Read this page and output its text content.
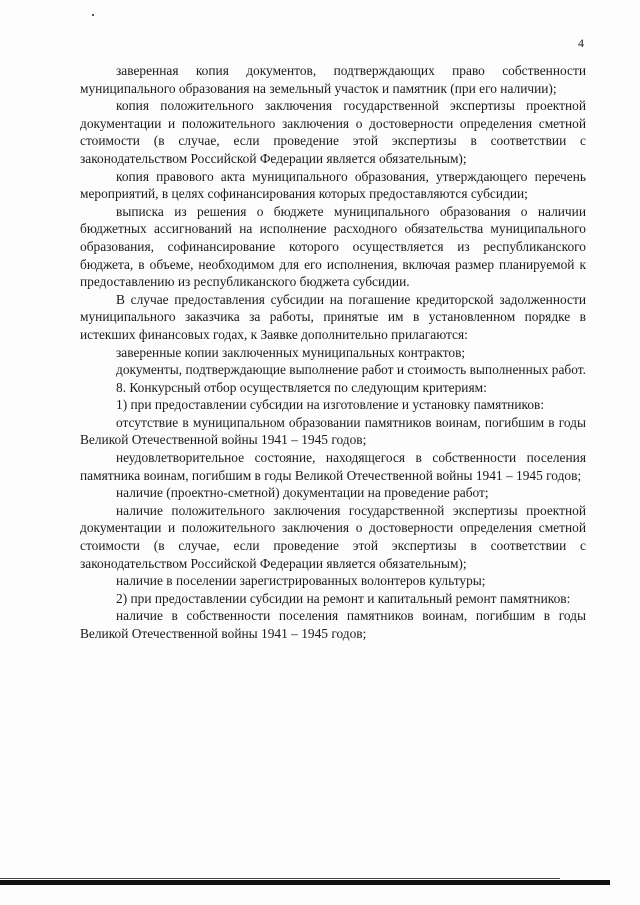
4

заверенная копия документов, подтверждающих право собственности муниципального образования на земельный участок и памятник (при его наличии);

копия положительного заключения государственной экспертизы проектной документации и положительного заключения о достоверности определения сметной стоимости (в случае, если проведение этой экспертизы в соответствии с законодательством Российской Федерации является обязательным);

копия правового акта муниципального образования, утверждающего перечень мероприятий, в целях софинансирования которых предоставляются субсидии;

выписка из решения о бюджете муниципального образования о наличии бюджетных ассигнований на исполнение расходного обязательства муниципального образования, софинансирование которого осуществляется из республиканского бюджета, в объеме, необходимом для его исполнения, включая размер планируемой к предоставлению из республиканского бюджета субсидии.

В случае предоставления субсидии на погашение кредиторской задолженности муниципального заказчика за работы, принятые им в установленном порядке в истекших финансовых годах, к Заявке дополнительно прилагаются:

заверенные копии заключенных муниципальных контрактов;

документы, подтверждающие выполнение работ и стоимость выполненных работ.

8. Конкурсный отбор осуществляется по следующим критериям:

1) при предоставлении субсидии на изготовление и установку памятников:

отсутствие в муниципальном образовании памятников воинам, погибшим в годы Великой Отечественной войны 1941 – 1945 годов;

неудовлетворительное состояние, находящегося в собственности поселения памятника воинам, погибшим в годы Великой Отечественной войны 1941 – 1945 годов;

наличие (проектно-сметной) документации на проведение работ;

наличие положительного заключения государственной экспертизы проектной документации и положительного заключения о достоверности определения сметной стоимости (в случае, если проведение этой экспертизы в соответствии с законодательством Российской Федерации является обязательным);

наличие в поселении зарегистрированных волонтеров культуры;

2) при предоставлении субсидии на ремонт и капитальный ремонт памятников:

наличие в собственности поселения памятников воинам, погибшим в годы Великой Отечественной войны 1941 – 1945 годов;
